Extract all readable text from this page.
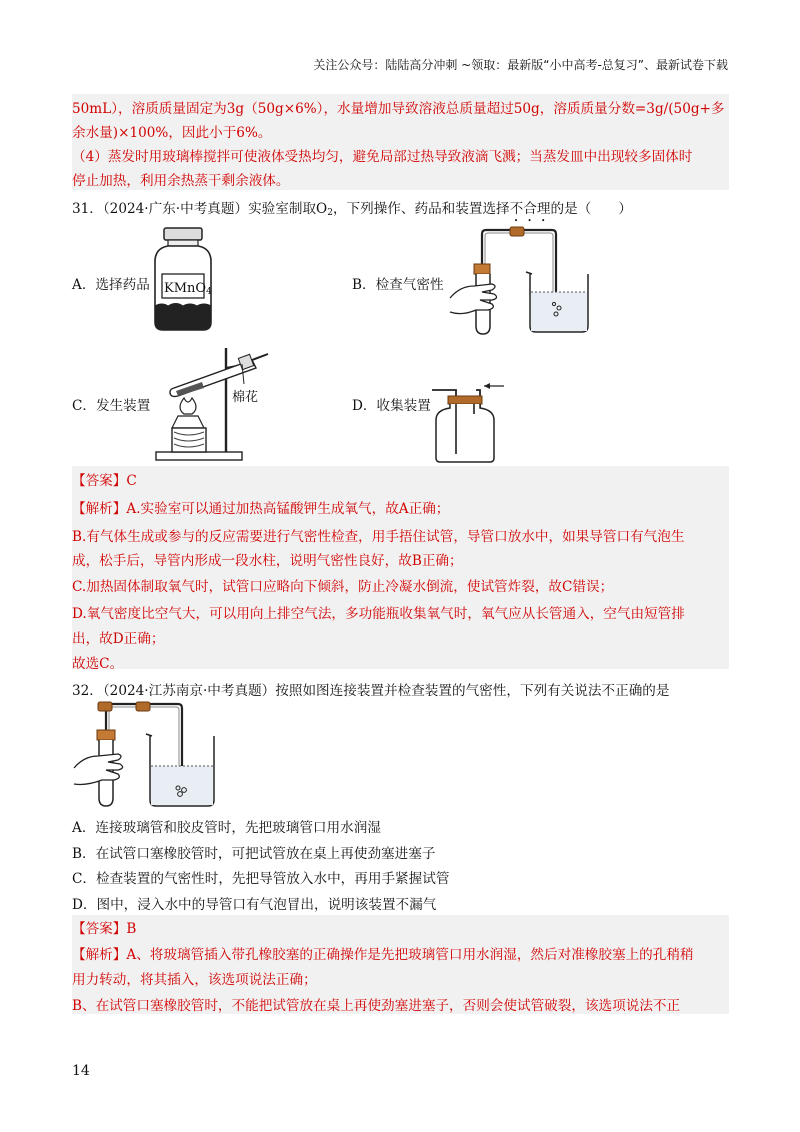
关注公众号：陆陆高分冲刺 ~领取：最新版“小中高考-总复习”、最新试卷下载
50mL），溶质质量固定为3g（50g×6%），水量增加导致溶液总质量超过50g，溶质质量分数=3g/(50g+多
余水量)×100%，因此小于6%。
（4）蒸发时用玻璃棒搅拌可使液体受热均匀，避免局部过热导致液滴飞溅；当蒸发皿中出现较多固体时
停止加热，利用余热蒸干剩余液体。
31．（2024·广东·中考真题）实验室制取$O_2$，下列操作、药品和装置选择不合理的是（　　）
A．选择药品 KMnO$_4$	B．检查气密性
C．发生装置
棉花
D．收集装置
【答案】C
【解析】A.实验室可以通过加热高锰酸钾生成氧气，故A正确；
B.有气体生成或参与的反应需要进行气密性检查，用手捂住试管，导管口放水中，如果导管口有气泡生
成，松手后，导管内形成一段水柱，说明气密性良好，故B正确；
C.加热固体制取氧气时，试管口应略向下倾斜，防止冷凝水倒流，使试管炸裂，故C错误；
D.氧气密度比空气大，可以用向上排空气法，多功能瓶收集氧气时，氧气应从长管通入，空气由短管排
出，故D正确；
故选C。
32．（2024·江苏南京·中考真题）按照如图连接装置并检查装置的气密性，下列有关说法不正确的是
A．连接玻璃管和胶皮管时，先把玻璃管口用水润湿
B．在试管口塞橡胶管时，可把试管放在桌上再使劲塞进塞子
C．检查装置的气密性时，先把导管放入水中，再用手紧握试管
D．图中，浸入水中的导管口有气泡冒出，说明该装置不漏气
【答案】B
【解析】A、将玻璃管插入带孔橡胶塞的正确操作是先把玻璃管口用水润湿，然后对准橡胶塞上的孔稍稍
用力转动，将其插入，该选项说法正确；
B、在试管口塞橡胶管时，不能把试管放在桌上再使劲塞进塞子，否则会使试管破裂，该选项说法不正
14
